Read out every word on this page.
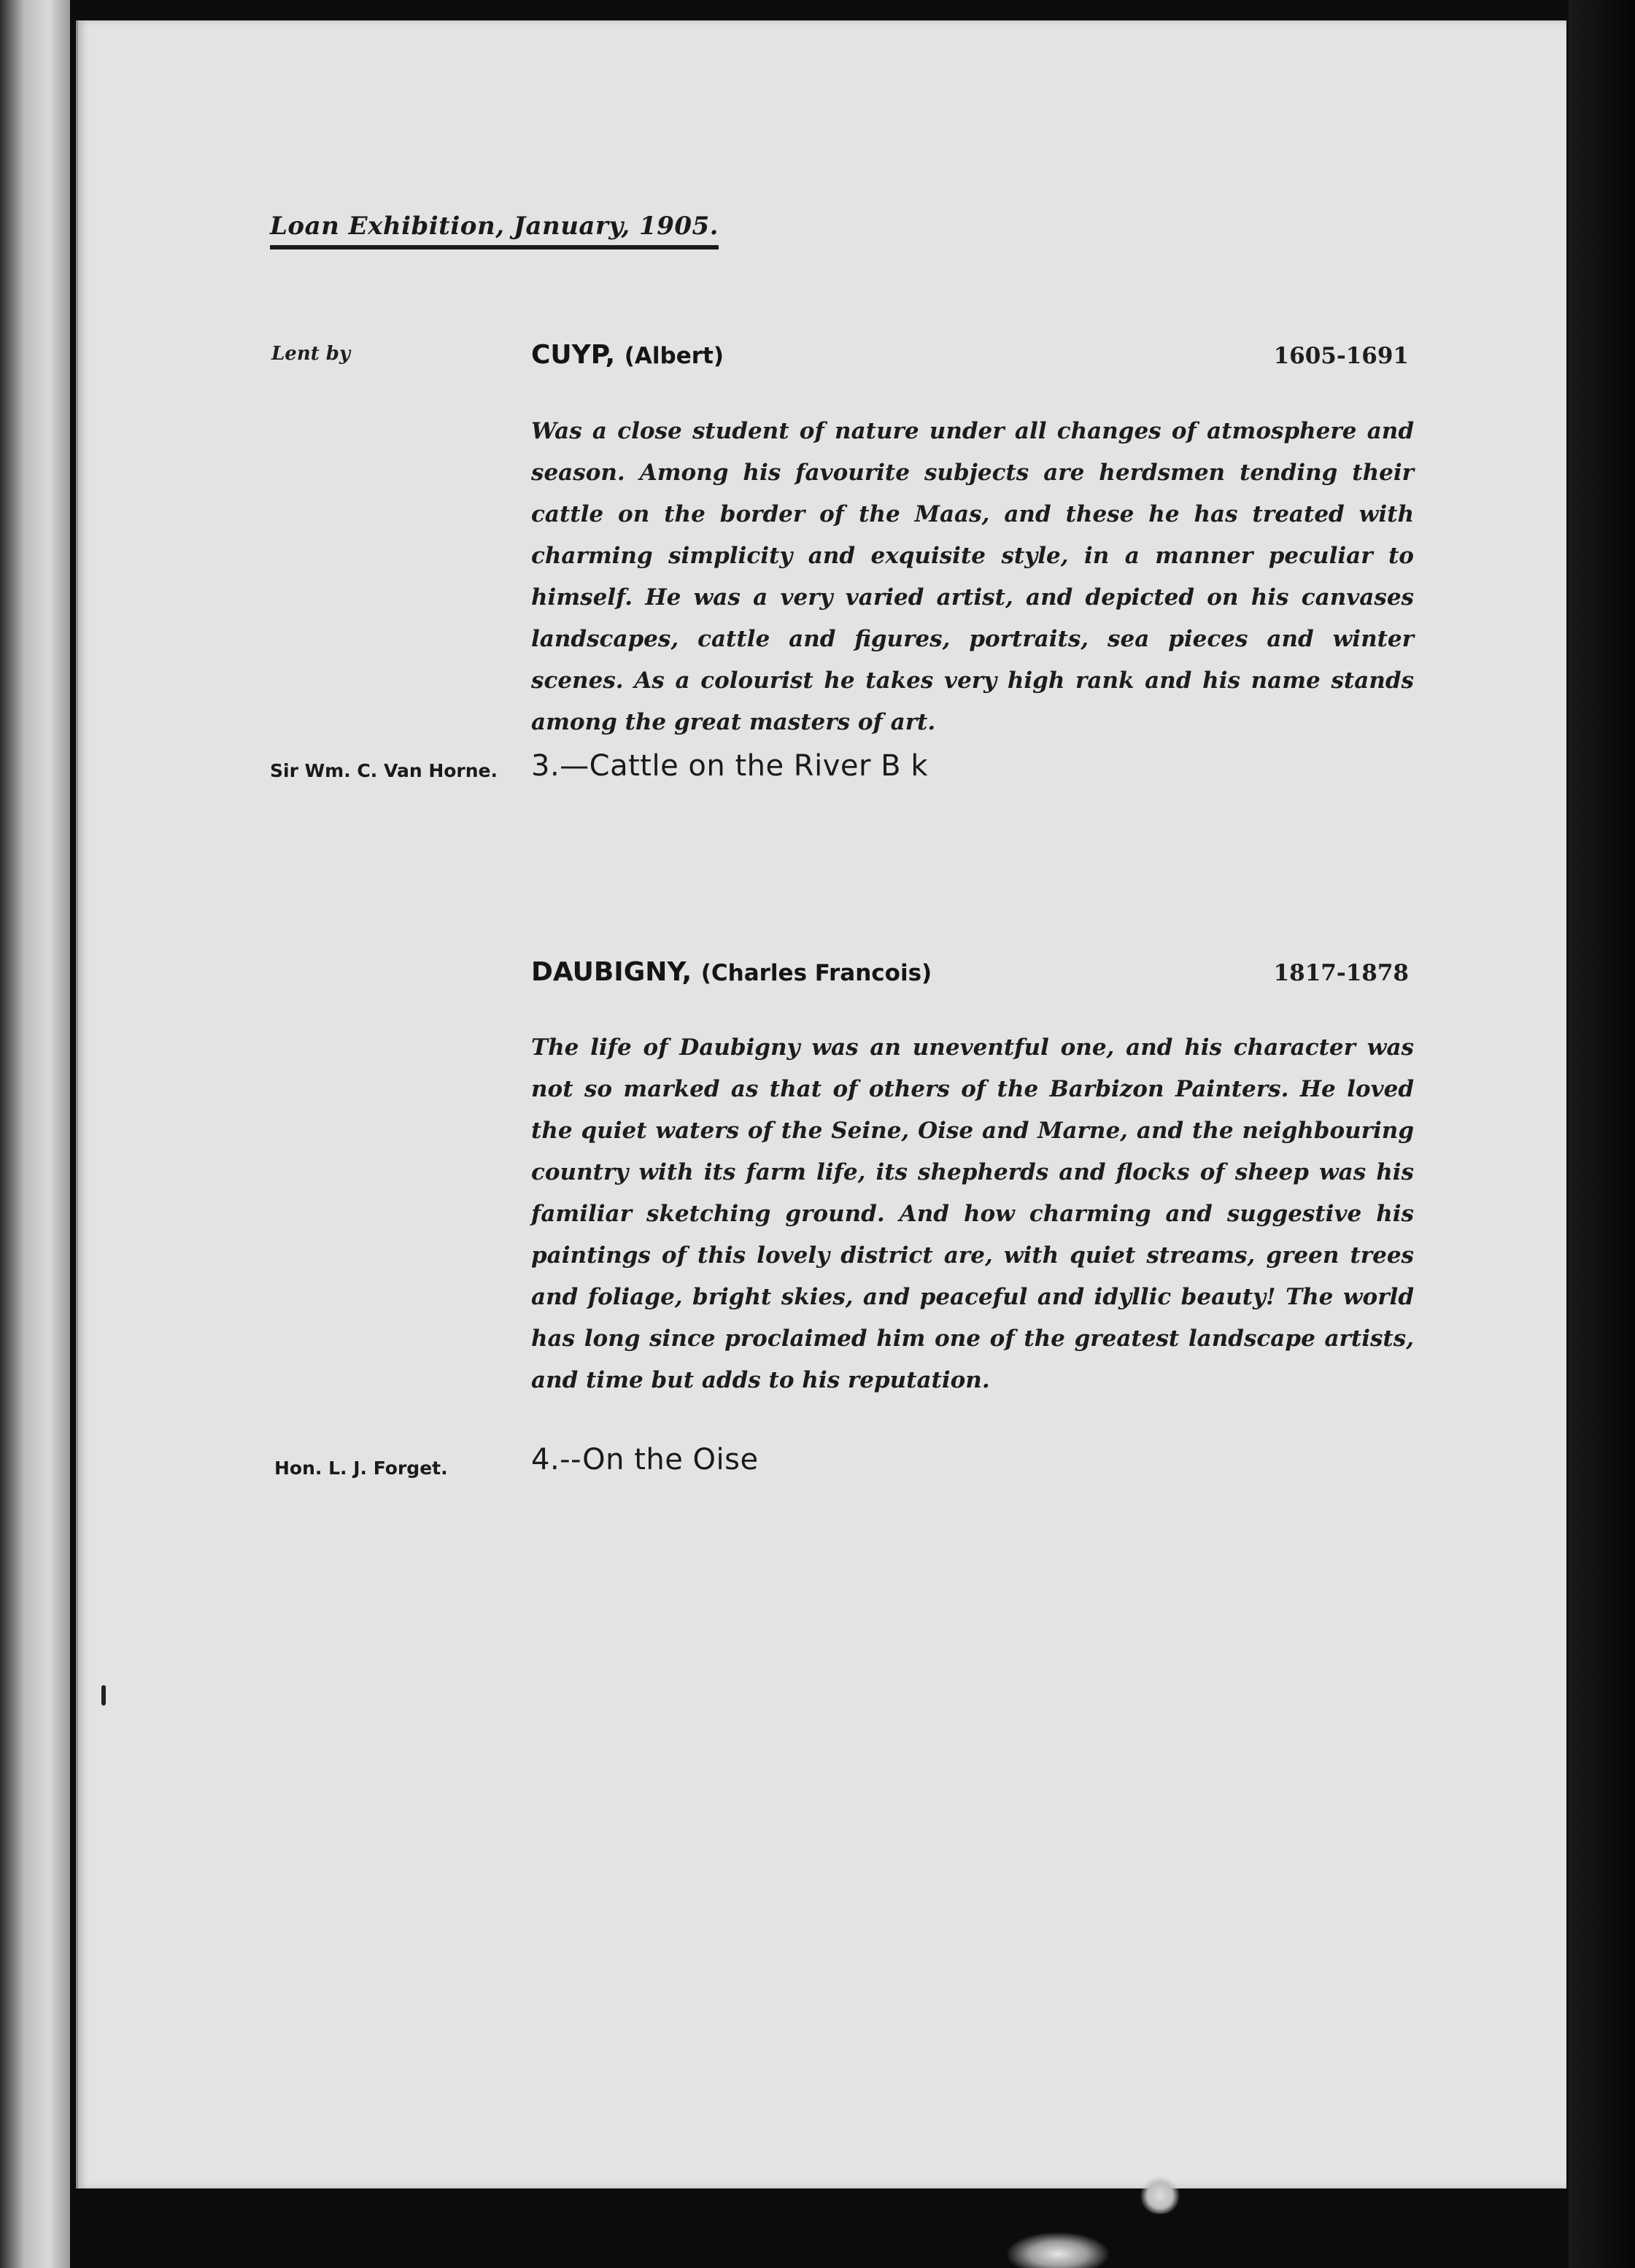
Loan Exhibition, January, 1905.
Lent by	CUYP, (Albert)	1605-1691
Was a close student of nature under all changes of atmosphere and season. Among his favourite subjects are herdsmen tending their cattle on the border of the Maas, and these he has treated with charming simplicity and exquisite style, in a manner peculiar to himself. He was a very varied artist, and depicted on his canvases landscapes, cattle and figures, portraits, sea pieces and winter scenes. As a colourist he takes very high rank and his name stands among the great masters of art.
Sir Wm. C. Van Horne. 3.—Cattle on the River B k
DAUBIGNY, (Charles Francois)	1817-1878
The life of Daubigny was an uneventful one, and his character was not so marked as that of others of the Barbizon Painters. He loved the quiet waters of the Seine, Oise and Marne, and the neighbouring country with its farm life, its shepherds and flocks of sheep was his familiar sketching ground. And how charming and suggestive his paintings of this lovely district are, with quiet streams, green trees and foliage, bright skies, and peaceful and idyllic beauty! The world has long since proclaimed him one of the greatest landscape artists, and time but adds to his reputation.
Hon. L. J. Forget.	4.--On the Oise
